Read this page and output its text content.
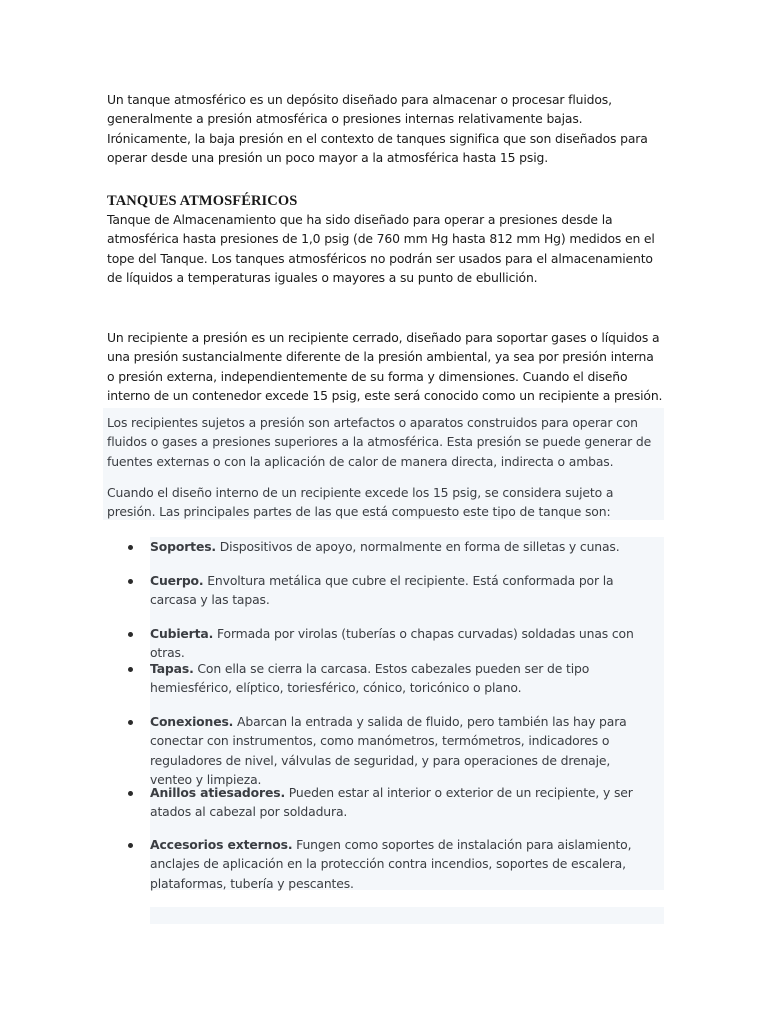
Un tanque atmosférico es un depósito diseñado para almacenar o procesar fluidos, generalmente a presión atmosférica o presiones internas relativamente bajas. Irónicamente, la baja presión en el contexto de tanques significa que son diseñados para operar desde una presión un poco mayor a la atmosférica hasta 15 psig.

TANQUES ATMOSFÉRICOS

Tanque de Almacenamiento que ha sido diseñado para operar a presiones desde la atmosférica hasta presiones de 1,0 psig (de 760 mm Hg hasta 812 mm Hg) medidos en el tope del Tanque. Los tanques atmosféricos no podrán ser usados para el almacenamiento de líquidos a temperaturas iguales o mayores a su punto de ebullición.

Un recipiente a presión es un recipiente cerrado, diseñado para soportar gases o líquidos a una presión sustancialmente diferente de la presión ambiental, ya sea por presión interna o presión externa, independientemente de su forma y dimensiones. Cuando el diseño interno de un contenedor excede 15 psig, este será conocido como un recipiente a presión.

Los recipientes sujetos a presión son artefactos o aparatos construidos para operar con fluidos o gases a presiones superiores a la atmosférica. Esta presión se puede generar de fuentes externas o con la aplicación de calor de manera directa, indirecta o ambas.

Cuando el diseño interno de un recipiente excede los 15 psig, se considera sujeto a presión. Las principales partes de las que está compuesto este tipo de tanque son:

Soportes. Dispositivos de apoyo, normalmente en forma de silletas y cunas.
Cuerpo. Envoltura metálica que cubre el recipiente. Está conformada por la carcasa y las tapas.
Cubierta. Formada por virolas (tuberías o chapas curvadas) soldadas unas con otras.
Tapas. Con ella se cierra la carcasa. Estos cabezales pueden ser de tipo hemiesférico, elíptico, toriesférico, cónico, toricónico o plano.
Conexiones. Abarcan la entrada y salida de fluido, pero también las hay para conectar con instrumentos, como manómetros, termómetros, indicadores o reguladores de nivel, válvulas de seguridad, y para operaciones de drenaje, venteo y limpieza.
Anillos atiesadores. Pueden estar al interior o exterior de un recipiente, y ser atados al cabezal por soldadura.
Accesorios externos. Fungen como soportes de instalación para aislamiento, anclajes de aplicación en la protección contra incendios, soportes de escalera, plataformas, tubería y pescantes.
